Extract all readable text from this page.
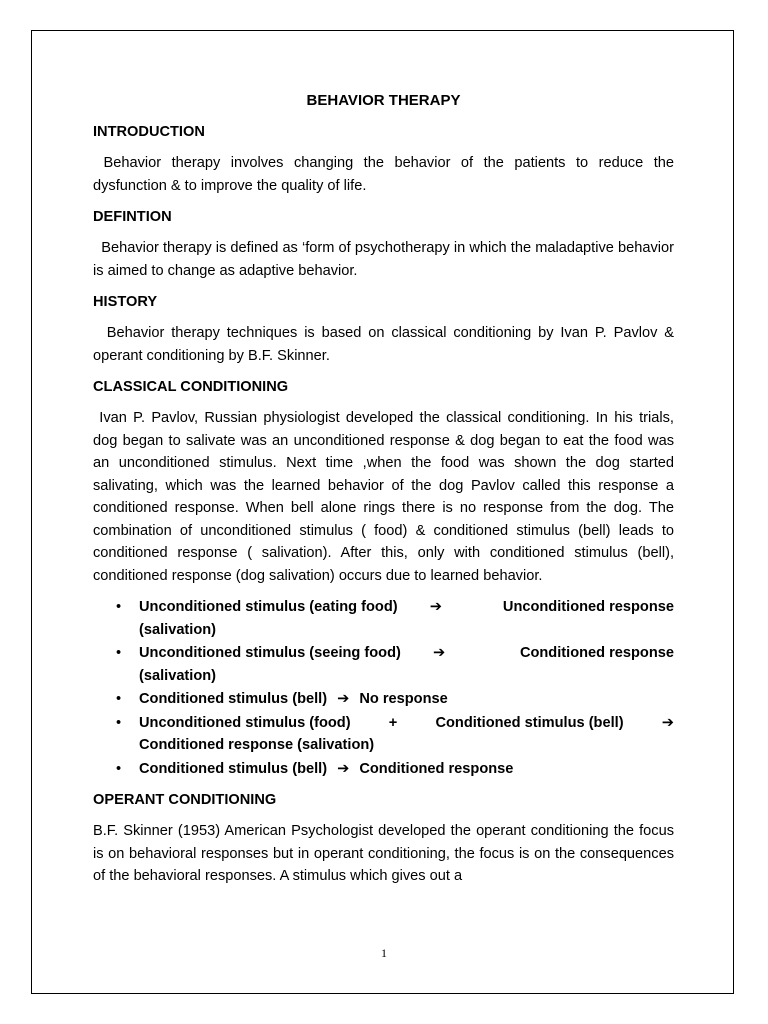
BEHAVIOR THERAPY
INTRODUCTION
Behavior therapy involves changing the behavior of the patients to reduce the dysfunction & to improve the quality of life.
DEFINTION
Behavior therapy is defined as ‘form of psychotherapy in which the maladaptive behavior is aimed to change as adaptive behavior.
HISTORY
Behavior therapy techniques is based on classical conditioning by Ivan P. Pavlov & operant conditioning by B.F. Skinner.
CLASSICAL CONDITIONING
Ivan P. Pavlov, Russian physiologist developed the classical conditioning. In his trials, dog began to salivate was an unconditioned response & dog began to eat the food was an unconditioned stimulus. Next time ,when the food was shown the dog started salivating, which was the learned behavior of the dog Pavlov called this response a conditioned response. When bell alone rings there is no response from the dog. The combination of unconditioned stimulus ( food) & conditioned stimulus (bell) leads to conditioned response ( salivation). After this, only with conditioned stimulus (bell), conditioned response (dog salivation) occurs due to learned behavior.
• Unconditioned stimulus (eating food) ➔	Unconditioned response
(salivation)
• Unconditioned stimulus (seeing food) ➔	Conditioned response
(salivation)
• Conditioned stimulus (bell) ➔ No response
• Unconditioned stimulus (food)	+	Conditioned stimulus (bell)	➔
Conditioned response (salivation)
• Conditioned stimulus (bell) ➔ Conditioned response
OPERANT CONDITIONING
B.F. Skinner (1953) American Psychologist developed the operant conditioning the focus is on behavioral responses but in operant conditioning, the focus is on the consequences of the behavioral responses. A stimulus which gives out a
1
